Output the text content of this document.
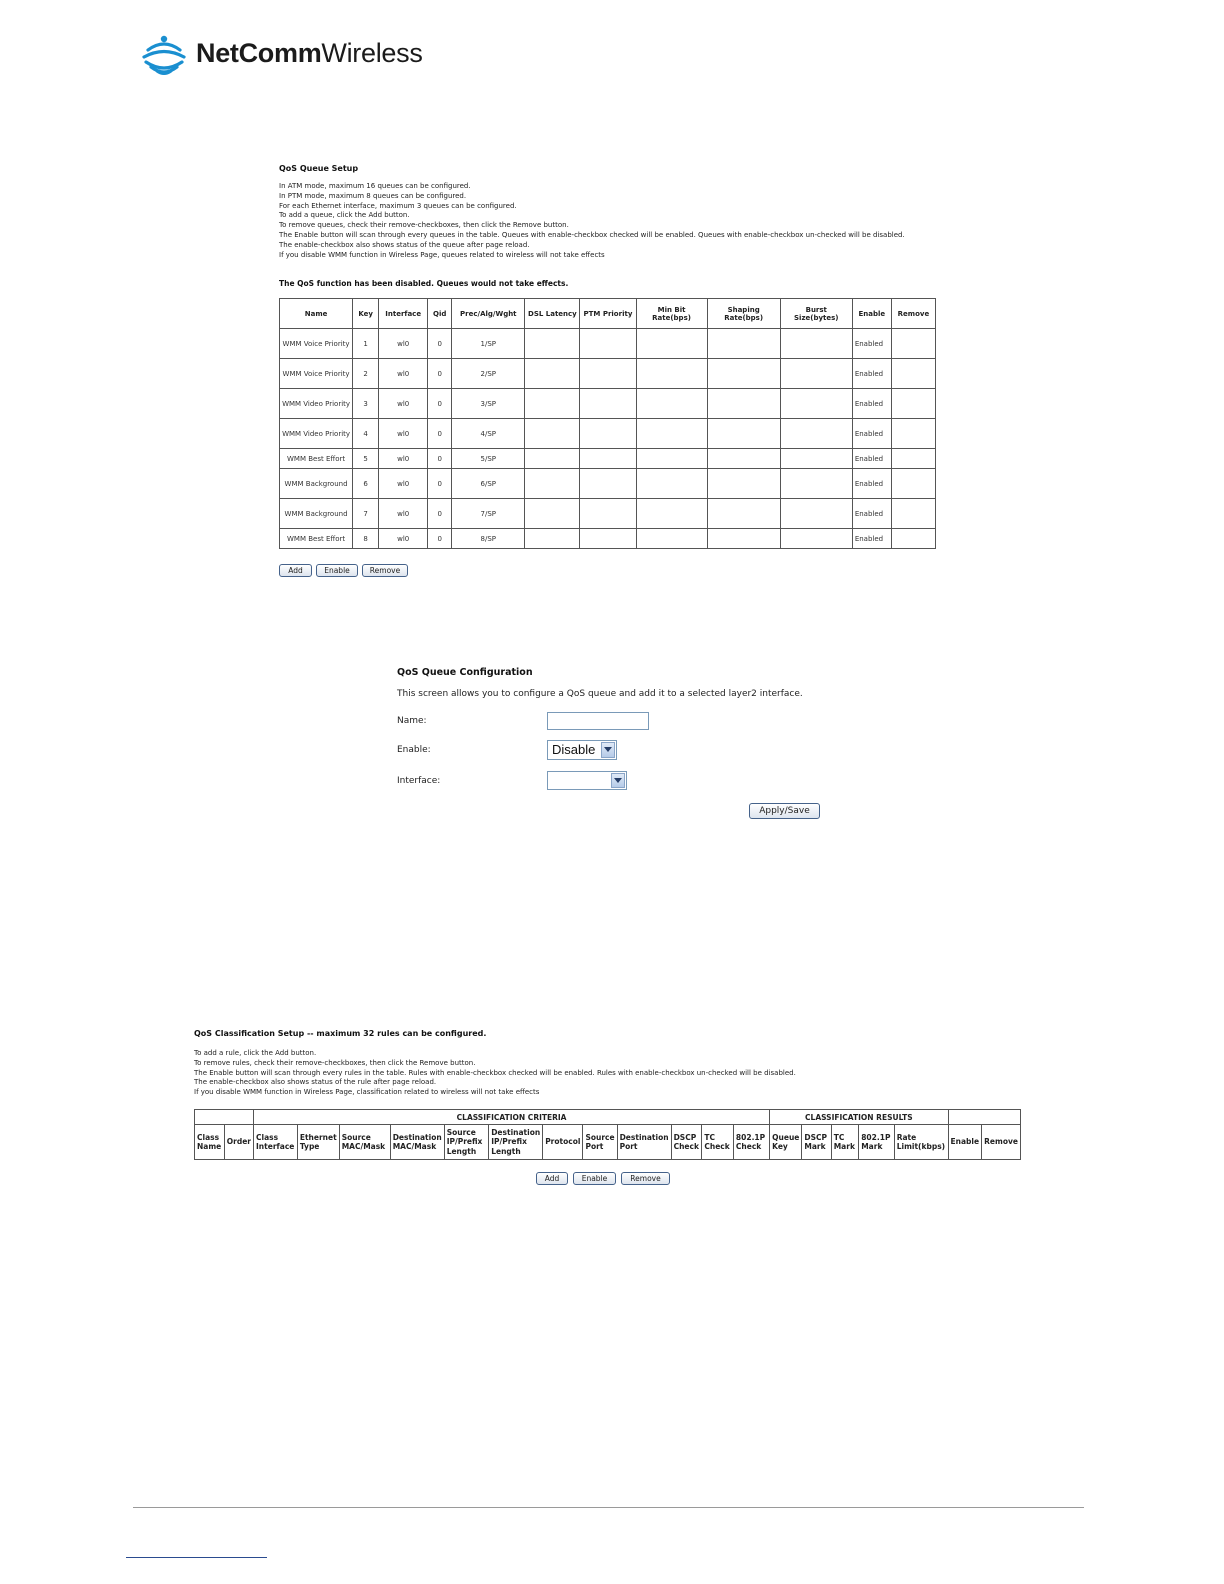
NetCommWireless
QoS Queue Setup
In ATM mode, maximum 16 queues can be configured.
In PTM mode, maximum 8 queues can be configured.
For each Ethernet interface, maximum 3 queues can be configured.
To add a queue, click the Add button.
To remove queues, check their remove-checkboxes, then click the Remove button.
The Enable button will scan through every queues in the table. Queues with enable-checkbox checked will be enabled. Queues with enable-checkbox un-checked will be disabled.
The enable-checkbox also shows status of the queue after page reload.
If you disable WMM function in Wireless Page, queues related to wireless will not take effects
The QoS function has been disabled. Queues would not take effects.
Name	Key	Interface	Qid	Prec/Alg/Wght	DSL Latency	PTM Priority	Min Bit Rate(bps)	Shaping Rate(bps)	Burst Size(bytes)	Enable	Remove
WMM Voice Priority	1	wl0	0	1/SP						Enabled	
WMM Voice Priority	2	wl0	0	2/SP						Enabled	
WMM Video Priority	3	wl0	0	3/SP						Enabled	
WMM Video Priority	4	wl0	0	4/SP						Enabled	
WMM Best Effort	5	wl0	0	5/SP						Enabled	
WMM Background	6	wl0	0	6/SP						Enabled	
WMM Background	7	wl0	0	7/SP						Enabled	
WMM Best Effort	8	wl0	0	8/SP						Enabled	
Add	Enable	Remove
QoS Queue Configuration
This screen allows you to configure a QoS queue and add it to a selected layer2 interface.
Name:
Enable:	Disable
Interface:
Apply/Save
QoS Classification Setup -- maximum 32 rules can be configured.
To add a rule, click the Add button.
To remove rules, check their remove-checkboxes, then click the Remove button.
The Enable button will scan through every rules in the table. Rules with enable-checkbox checked will be enabled. Rules with enable-checkbox un-checked will be disabled.
The enable-checkbox also shows status of the rule after page reload.
If you disable WMM function in Wireless Page, classification related to wireless will not take effects
		CLASSIFICATION CRITERIA												CLASSIFICATION RESULTS						
Class Name	Order	Class Interface	Ethernet Type	Source MAC/Mask	Destination MAC/Mask	Source IP/Prefix Length	Destination IP/Prefix Length	Protocol	Source Port	Destination Port	DSCP Check	TC Check	802.1P Check	Queue Key	DSCP Mark	TC Mark	802.1P Mark	Rate Limit(kbps)	Enable	Remove
Add	Enable	Remove
